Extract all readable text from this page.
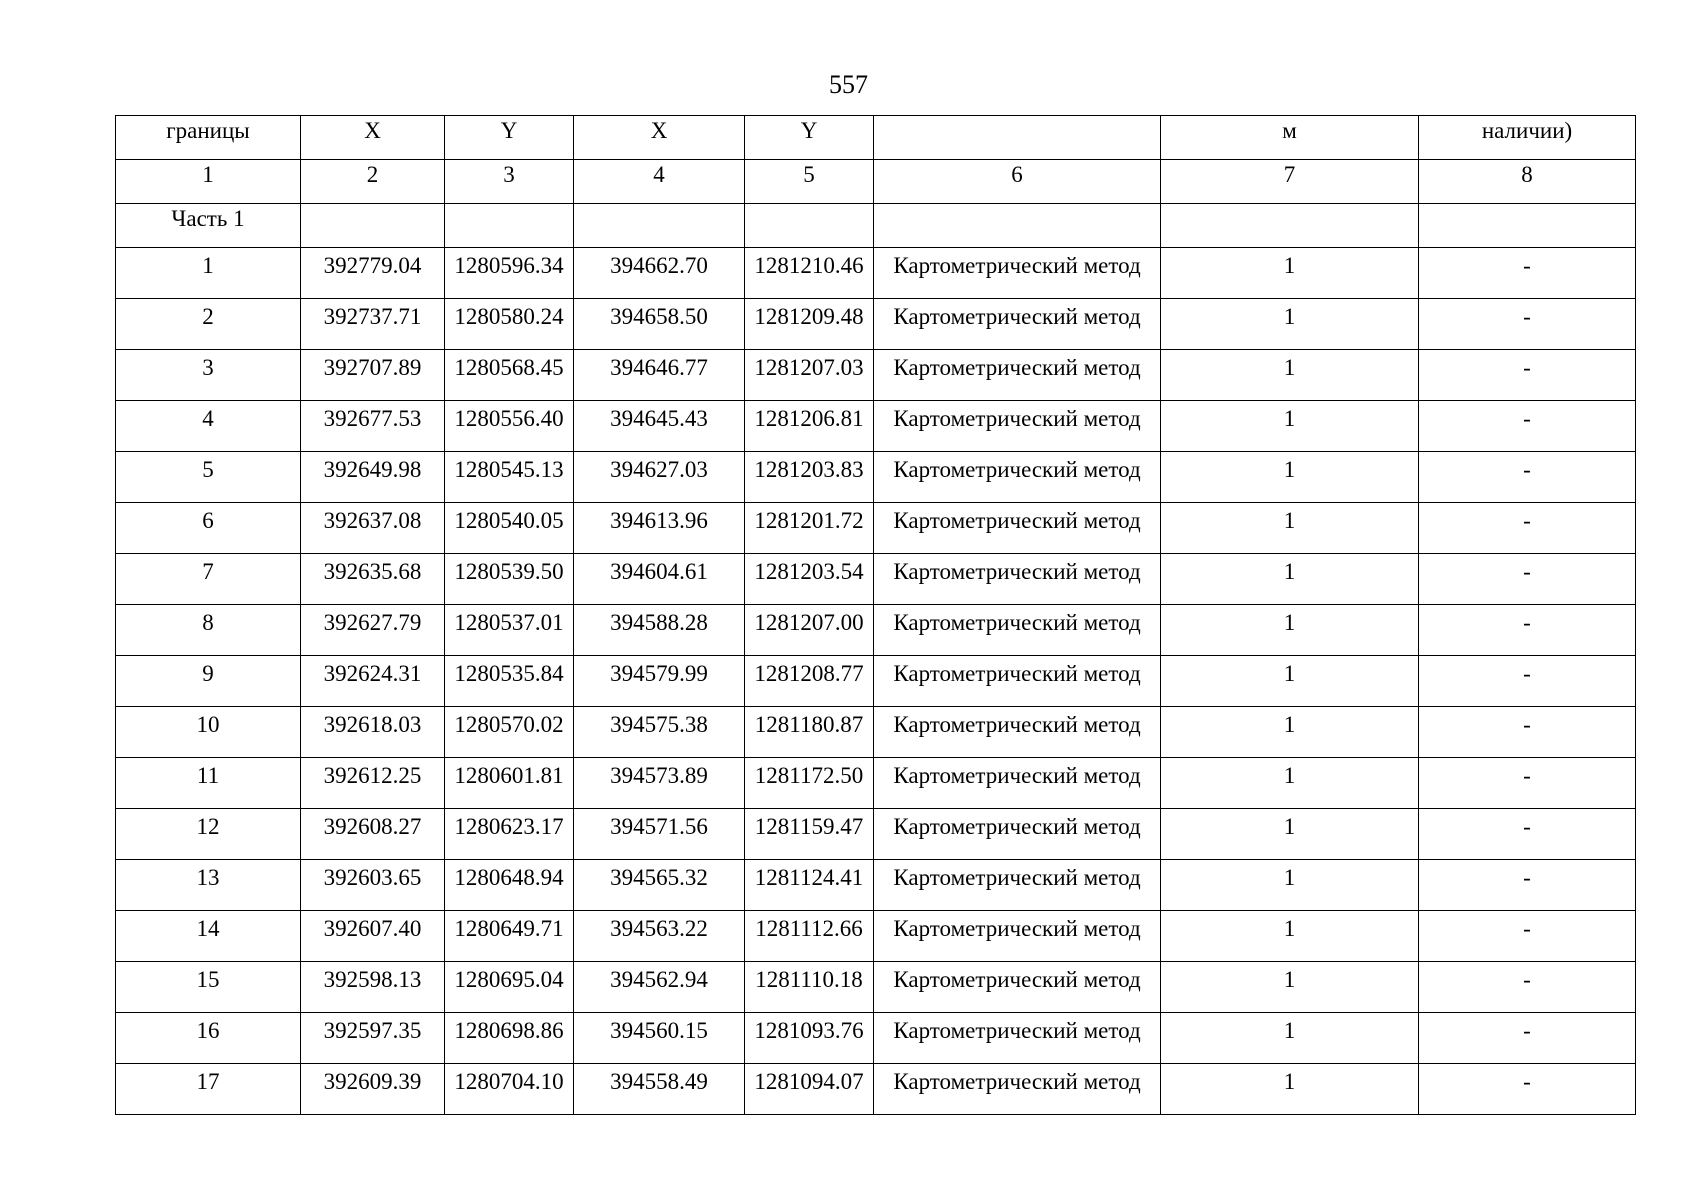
557
границы	X	Y	X	Y		м	наличии)
1	2	3	4	5	6	7	8
Часть 1							
1	392779.04	1280596.34	394662.70	1281210.46	Картометрический метод	1	-
2	392737.71	1280580.24	394658.50	1281209.48	Картометрический метод	1	-
3	392707.89	1280568.45	394646.77	1281207.03	Картометрический метод	1	-
4	392677.53	1280556.40	394645.43	1281206.81	Картометрический метод	1	-
5	392649.98	1280545.13	394627.03	1281203.83	Картометрический метод	1	-
6	392637.08	1280540.05	394613.96	1281201.72	Картометрический метод	1	-
7	392635.68	1280539.50	394604.61	1281203.54	Картометрический метод	1	-
8	392627.79	1280537.01	394588.28	1281207.00	Картометрический метод	1	-
9	392624.31	1280535.84	394579.99	1281208.77	Картометрический метод	1	-
10	392618.03	1280570.02	394575.38	1281180.87	Картометрический метод	1	-
11	392612.25	1280601.81	394573.89	1281172.50	Картометрический метод	1	-
12	392608.27	1280623.17	394571.56	1281159.47	Картометрический метод	1	-
13	392603.65	1280648.94	394565.32	1281124.41	Картометрический метод	1	-
14	392607.40	1280649.71	394563.22	1281112.66	Картометрический метод	1	-
15	392598.13	1280695.04	394562.94	1281110.18	Картометрический метод	1	-
16	392597.35	1280698.86	394560.15	1281093.76	Картометрический метод	1	-
17	392609.39	1280704.10	394558.49	1281094.07	Картометрический метод	1	-
